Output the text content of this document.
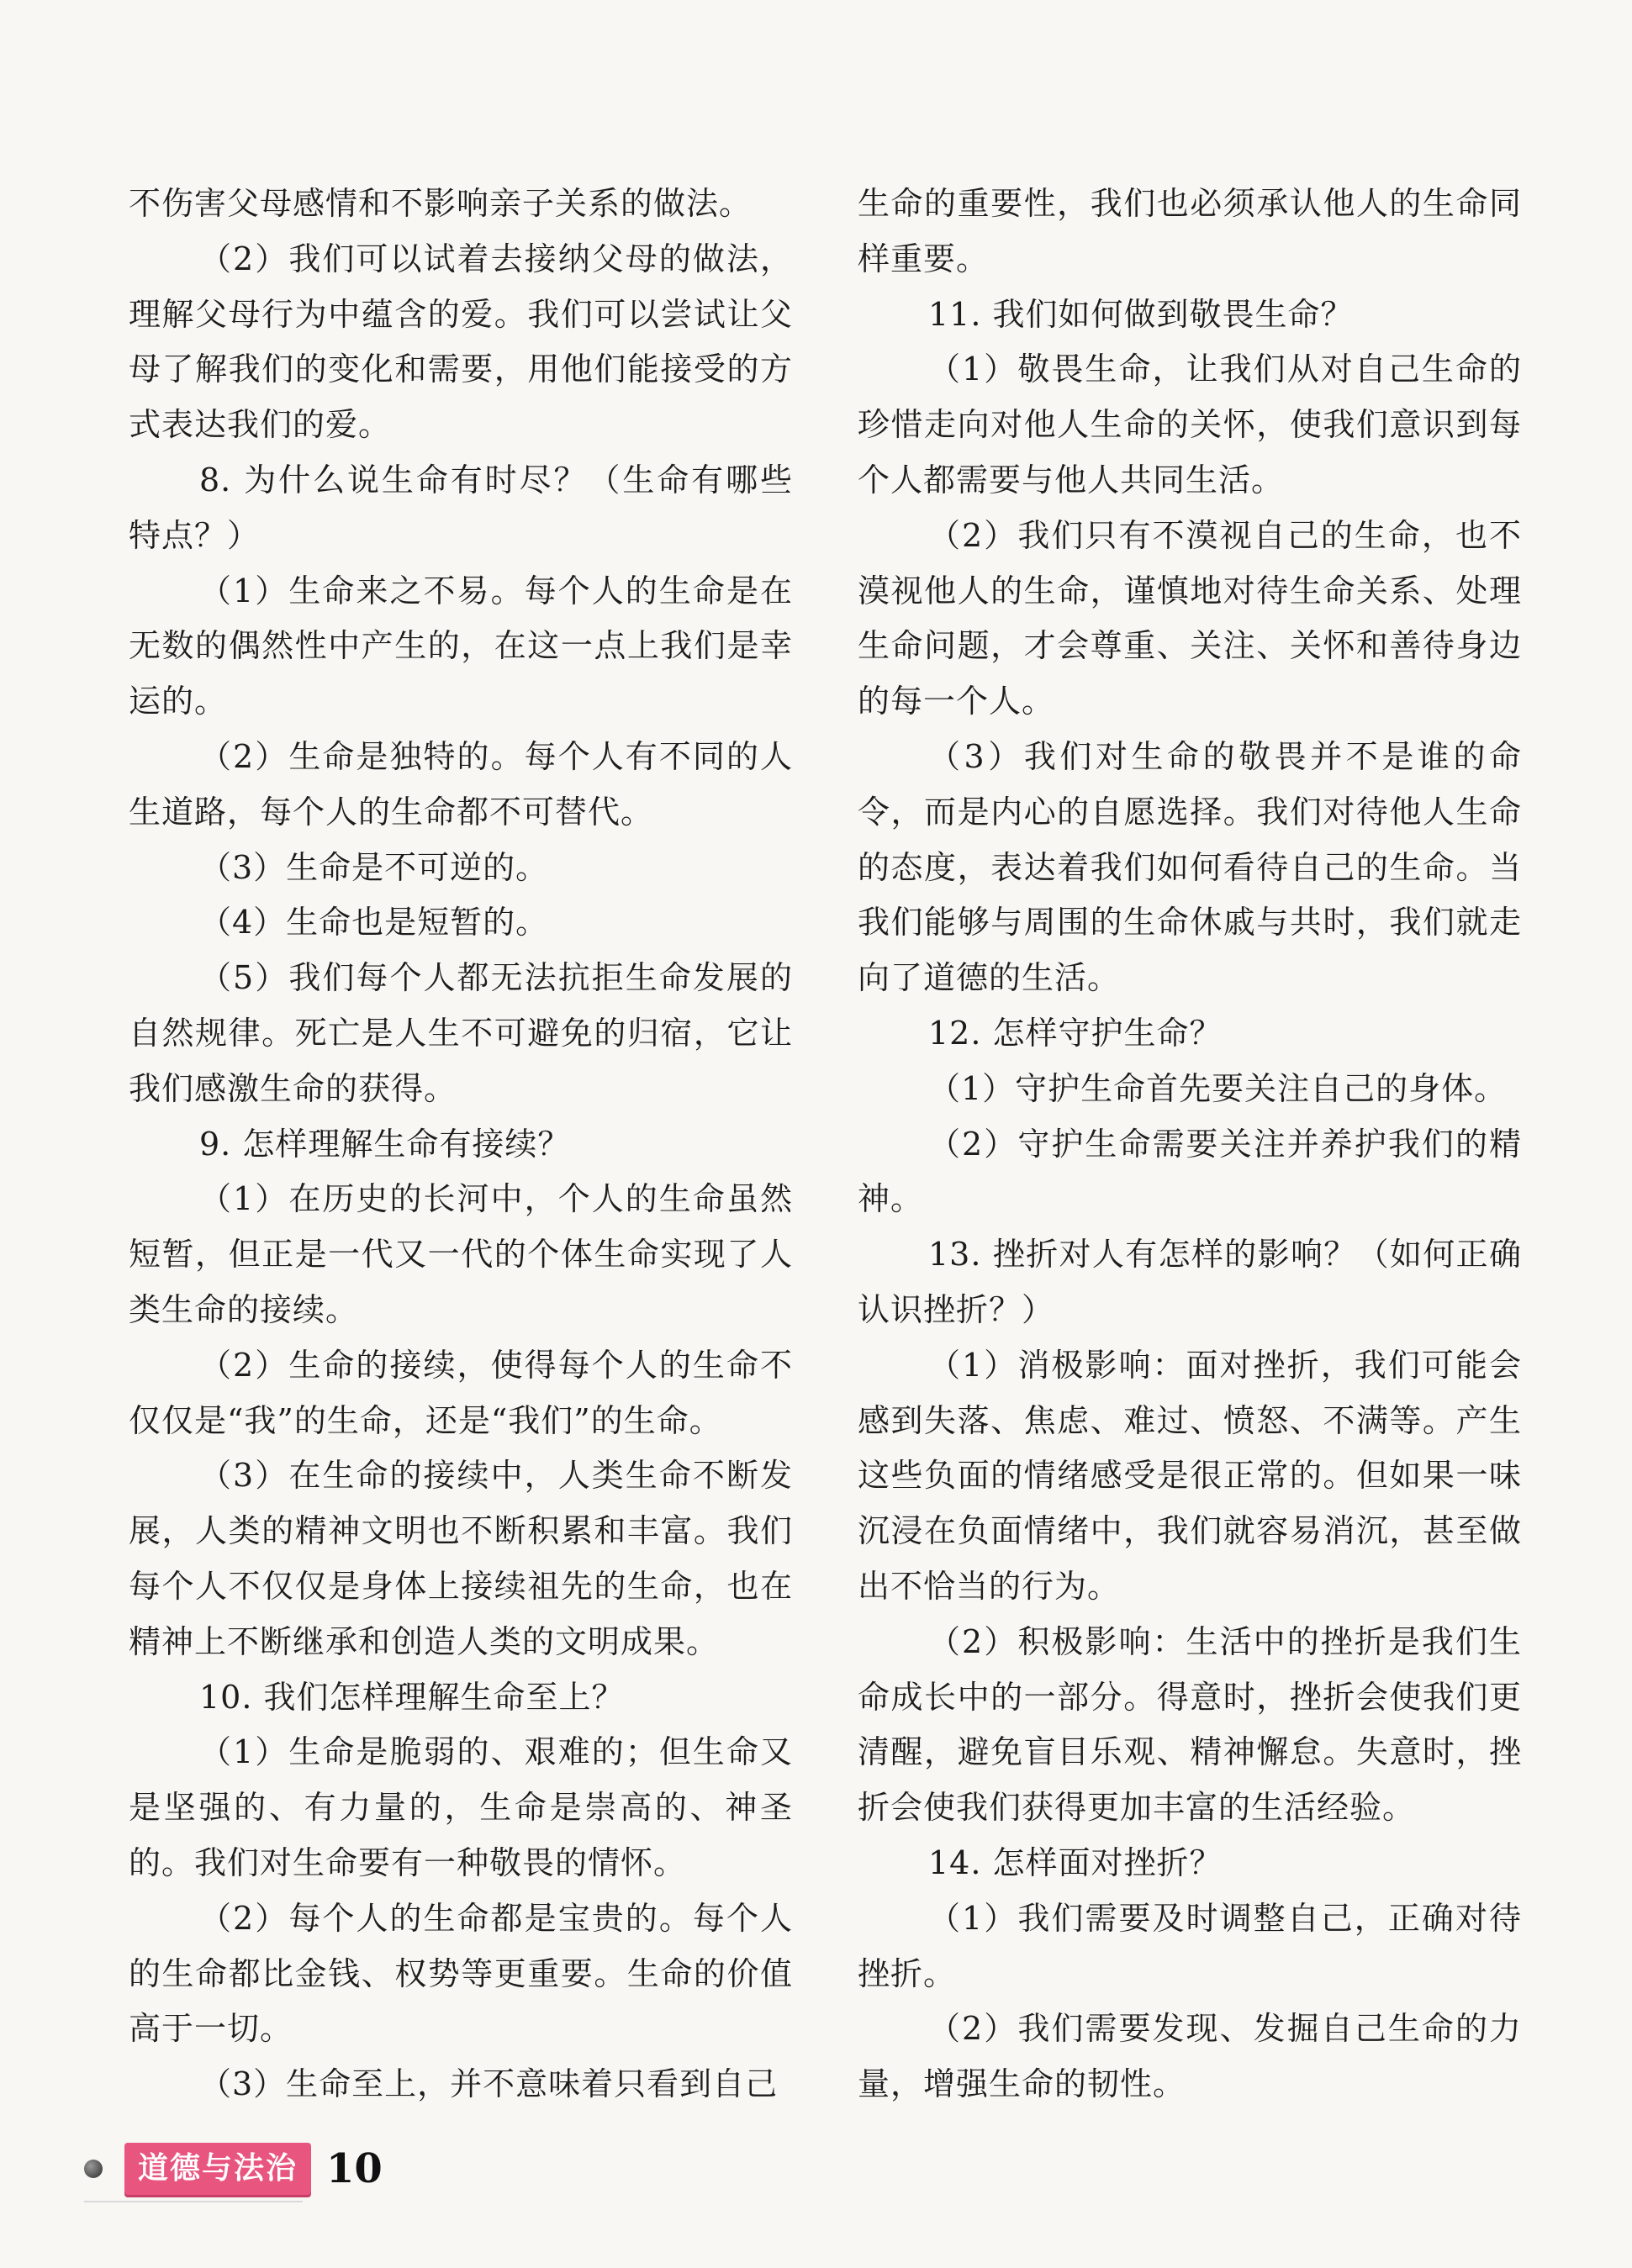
不伤害父母感情和不影响亲子关系的做法。

（2）我们可以试着去接纳父母的做法，理解父母行为中蕴含的爱。我们可以尝试让父母了解我们的变化和需要，用他们能接受的方式表达我们的爱。

8. 为什么说生命有时尽？（生命有哪些特点？）

（1）生命来之不易。每个人的生命是在无数的偶然性中产生的，在这一点上我们是幸运的。

（2）生命是独特的。每个人有不同的人生道路，每个人的生命都不可替代。

（3）生命是不可逆的。

（4）生命也是短暂的。

（5）我们每个人都无法抗拒生命发展的自然规律。死亡是人生不可避免的归宿，它让我们感激生命的获得。

9. 怎样理解生命有接续？

（1）在历史的长河中，个人的生命虽然短暂，但正是一代又一代的个体生命实现了人类生命的接续。

（2）生命的接续，使得每个人的生命不仅仅是“我”的生命，还是“我们”的生命。

（3）在生命的接续中，人类生命不断发展，人类的精神文明也不断积累和丰富。我们每个人不仅仅是身体上接续祖先的生命，也在精神上不断继承和创造人类的文明成果。

10. 我们怎样理解生命至上？

（1）生命是脆弱的、艰难的；但生命又是坚强的、有力量的，生命是崇高的、神圣的。我们对生命要有一种敬畏的情怀。

（2）每个人的生命都是宝贵的。每个人的生命都比金钱、权势等更重要。生命的价值高于一切。

（3）生命至上，并不意味着只看到自己

生命的重要性，我们也必须承认他人的生命同样重要。

11. 我们如何做到敬畏生命？

（1）敬畏生命，让我们从对自己生命的珍惜走向对他人生命的关怀，使我们意识到每个人都需要与他人共同生活。

（2）我们只有不漠视自己的生命，也不漠视他人的生命，谨慎地对待生命关系、处理生命问题，才会尊重、关注、关怀和善待身边的每一个人。

（3）我们对生命的敬畏并不是谁的命令，而是内心的自愿选择。我们对待他人生命的态度，表达着我们如何看待自己的生命。当我们能够与周围的生命休戚与共时，我们就走向了道德的生活。

12. 怎样守护生命？

（1）守护生命首先要关注自己的身体。

（2）守护生命需要关注并养护我们的精神。

13. 挫折对人有怎样的影响？（如何正确认识挫折？）

（1）消极影响：面对挫折，我们可能会感到失落、焦虑、难过、愤怒、不满等。产生这些负面的情绪感受是很正常的。但如果一味沉浸在负面情绪中，我们就容易消沉，甚至做出不恰当的行为。

（2）积极影响：生活中的挫折是我们生命成长中的一部分。得意时，挫折会使我们更清醒，避免盲目乐观、精神懈怠。失意时，挫折会使我们获得更加丰富的生活经验。

14. 怎样面对挫折？

（1）我们需要及时调整自己，正确对待挫折。

（2）我们需要发现、发掘自己生命的力量，增强生命的韧性。

道德与法治 10
